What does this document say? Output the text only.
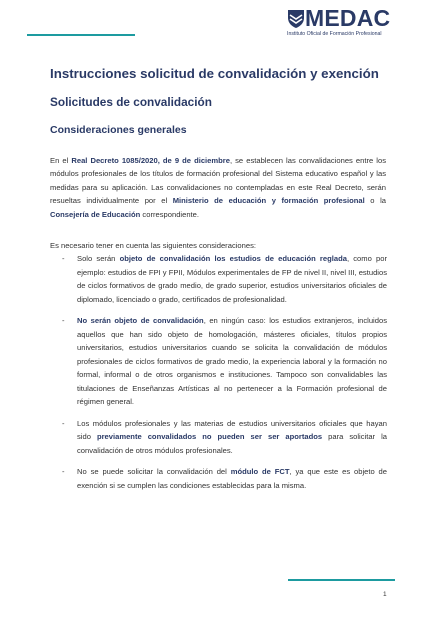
MEDAC
Instituto Oficial de Formación Profesional
Instrucciones solicitud de convalidación y exención
Solicitudes de convalidación
Consideraciones generales

En el Real Decreto 1085/2020, de 9 de diciembre, se establecen las convalidaciones entre los módulos profesionales de los títulos de formación profesional del Sistema educativo español y las medidas para su aplicación. Las convalidaciones no contempladas en este Real Decreto, serán resueltas individualmente por el Ministerio de educación y formación profesional o la Consejería de Educación correspondiente.

Es necesario tener en cuenta las siguientes consideraciones:

- Solo serán objeto de convalidación los estudios de educación reglada, como por ejemplo: estudios de FPI y FPII, Módulos experimentales de FP de nivel II, nivel III, estudios de ciclos formativos de grado medio, de grado superior, estudios universitarios oficiales de diplomado, licenciado o grado, certificados de profesionalidad.
- No serán objeto de convalidación, en ningún caso: los estudios extranjeros, incluidos aquellos que han sido objeto de homologación, másteres oficiales, títulos propios universitarios, estudios universitarios cuando se solicita la convalidación de módulos profesionales de ciclos formativos de grado medio, la experiencia laboral y la formación no formal, informal o de otros organismos e instituciones. Tampoco son convalidables las titulaciones de Enseñanzas Artísticas al no pertenecer a la Formación profesional de régimen general.
- Los módulos profesionales y las materias de estudios universitarios oficiales que hayan sido previamente convalidados no pueden ser ser aportados para solicitar la convalidación de otros módulos profesionales.
- No se puede solicitar la convalidación del módulo de FCT, ya que este es objeto de exención si se cumplen las condiciones establecidas para la misma.
1
